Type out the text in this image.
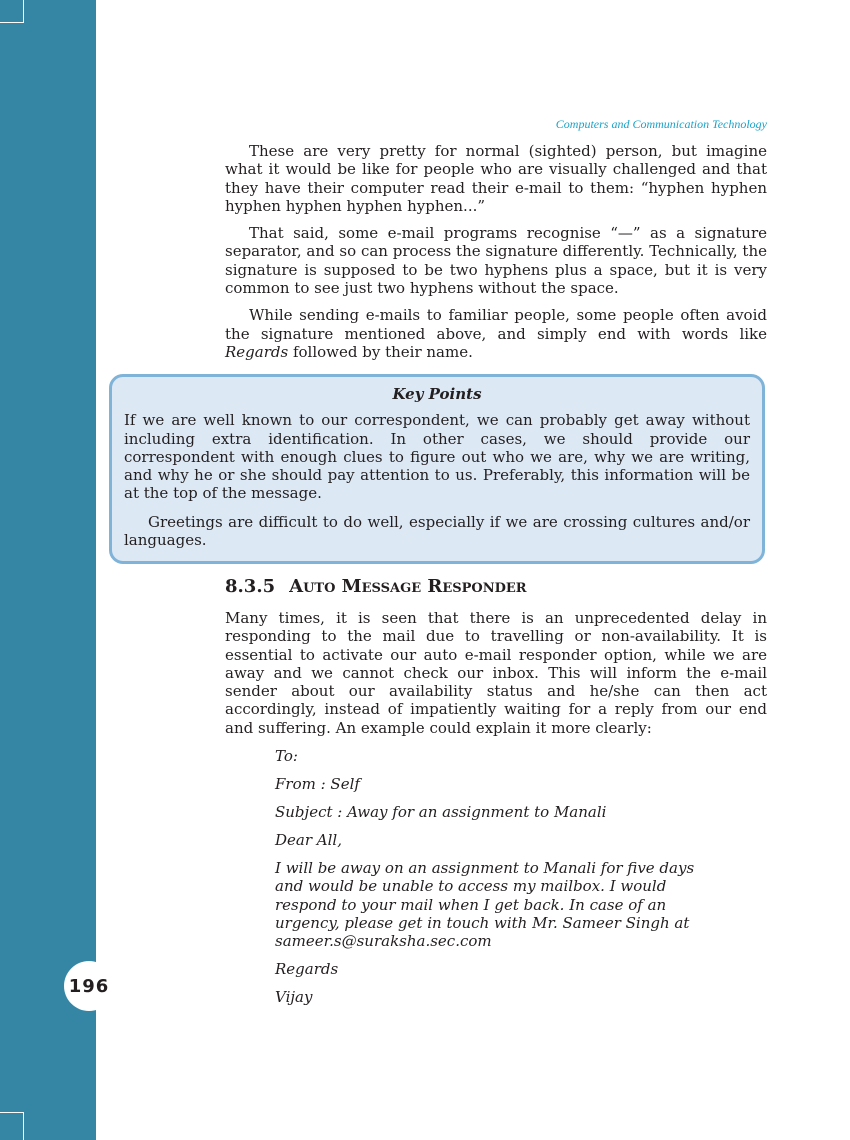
196
Computers and Communication Technology

These are very pretty for normal (sighted) person, but imagine what it would be like for people who are visually challenged and that they have their computer read their e-mail to them: “hyphen hyphen hyphen hyphen hyphen hyphen...”

That said, some e-mail programs recognise “—” as a signature separator, and so can process the signature differently. Technically, the signature is supposed to be two hyphens plus a space, but it is very common to see just two hyphens without the space.

While sending e-mails to familiar people, some people often avoid the signature mentioned above, and simply end with words like Regards followed by their name.

Key Points

If we are well known to our correspondent, we can probably get away without including extra identification. In other cases, we should provide our correspondent with enough clues to figure out who we are, why we are writing, and why he or she should pay attention to us. Preferably, this information will be at the top of the message.

Greetings are difficult to do well, especially if we are crossing cultures and/or languages.

8.3.5 Auto Message Responder

Many times, it is seen that there is an unprecedented delay in responding to the mail due to travelling or non-availability. It is essential to activate our auto e-mail responder option, while we are away and we cannot check our inbox. This will inform the e-mail sender about our availability status and he/she can then act accordingly, instead of impatiently waiting for a reply from our end and suffering. An example could explain it more clearly:

To:

From : Self

Subject : Away for an assignment to Manali

Dear All,

I will be away on an assignment to Manali for five days and would be unable to access my mailbox. I would respond to your mail when I get back. In case of an urgency, please get in touch with Mr. Sameer Singh at
sameer.s@suraksha.sec.com

Regards

Vijay
